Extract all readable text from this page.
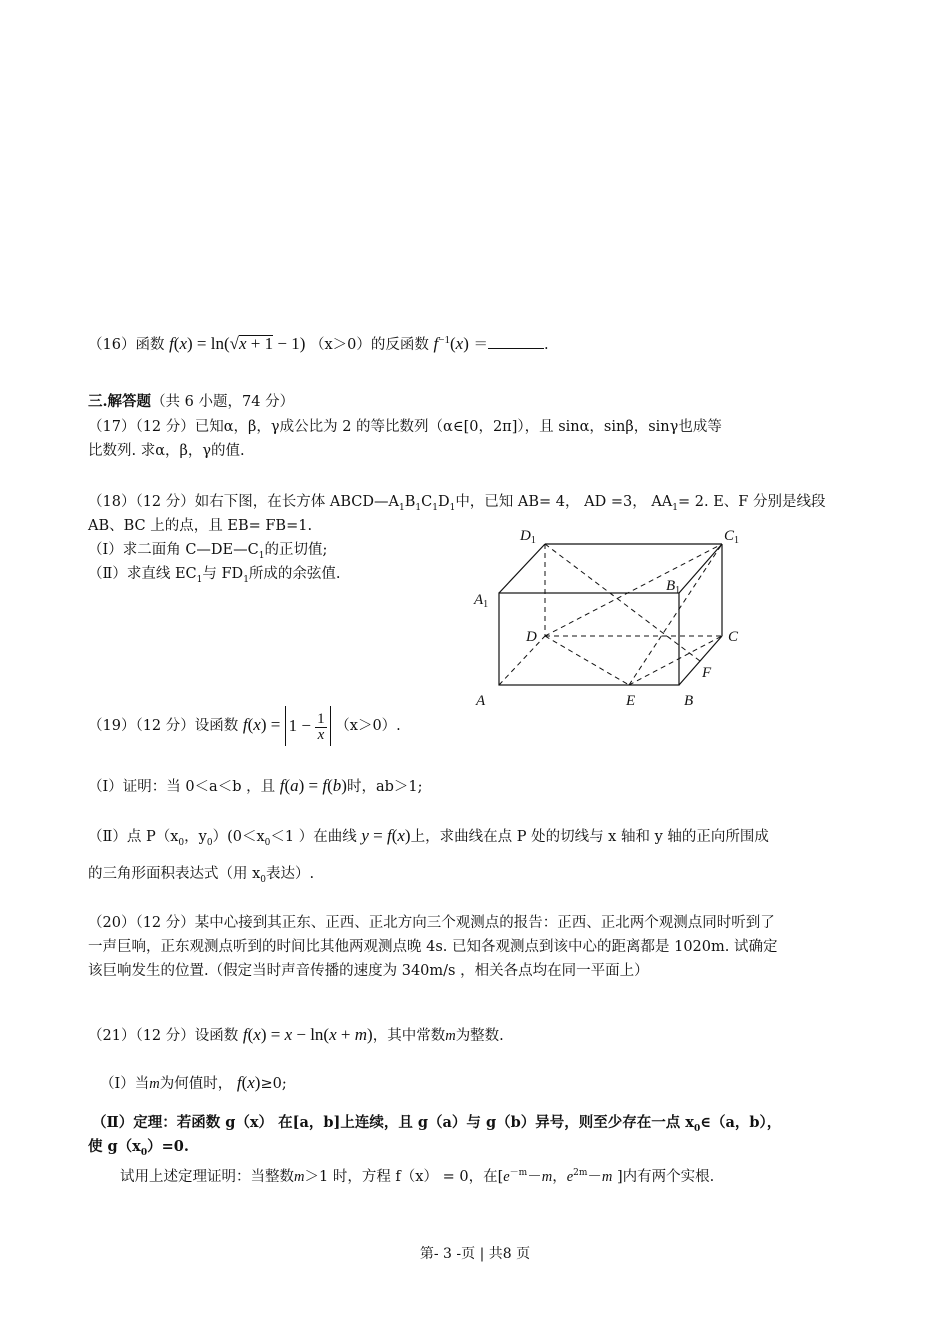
（16）函数 f(x) = ln(√x + 1 − 1) （x＞0）的反函数 $f^{-1}(x)$ ＝	.
三.解答题（共 6 小题，74 分）
（17）（12 分）已知α，β，γ成公比为 2 的等比数列（α∈[0，2π]），且 sinα，sinβ，sinγ也成等
比数列. 求α，β，γ的值.
（18）（12 分）如右下图，在长方体 $ABCD—A_1B_1C_1D_1$中，已知 AB= 4， AD =3， $AA_1= 2$. E、F 分别是线段
AB、BC 上的点，且 EB= FB=1.
（Ⅰ）求二面角 $C—DE—C_1$的正切值;
（Ⅱ）求直线 $EC_1$与 $FD_1$所成的余弦值.
$D_1$	$C_1$
$A_1$
$B_1$
D	C
A	E	B
F
（19）（12 分）设函数 $f(x) = 1 - \frac{1}{x} (x>0)$.
（Ⅰ）证明：当 0＜a＜b ，且 f(a) = f(b)时，ab＞1;
（Ⅱ）点 $P(x_0$，$y_0)(0<x_0<1$ ）在曲线 y = f(x)上，求曲线在点 P 处的切线与 x 轴和 y 轴的正向所围成
的三角形面积表达式（用 $x_0$表达）.
（20）（12 分）某中心接到其正东、正西、正北方向三个观测点的报告：正西、正北两个观测点同时听到了
一声巨响，正东观测点听到的时间比其他两观测点晚 4s. 已知各观测点到该中心的距离都是 1020m. 试确定
该巨响发生的位置.（假定当时声音传播的速度为 340m/s ，相关各点均在同一平面上）
（21）（12 分）设函数 f(x) = x − ln(x + m)，其中常数m为整数.
（Ⅰ）当m为何值时， f(x)≥0;
（Ⅱ）定理：若函数 g（x） 在[a，b]上连续，且 g（a）与 g（b）异号，则至少存在一点 $x_0\in(a$，b），
使 $g(x_0)=0$.
试用上述定理证明：当整数m＞1 时，方程 f（x） = 0，在[$e^{-m}-m$，$e^{2m}-m$ ]内有两个实根.
第- 3 -页 | 共8 页
